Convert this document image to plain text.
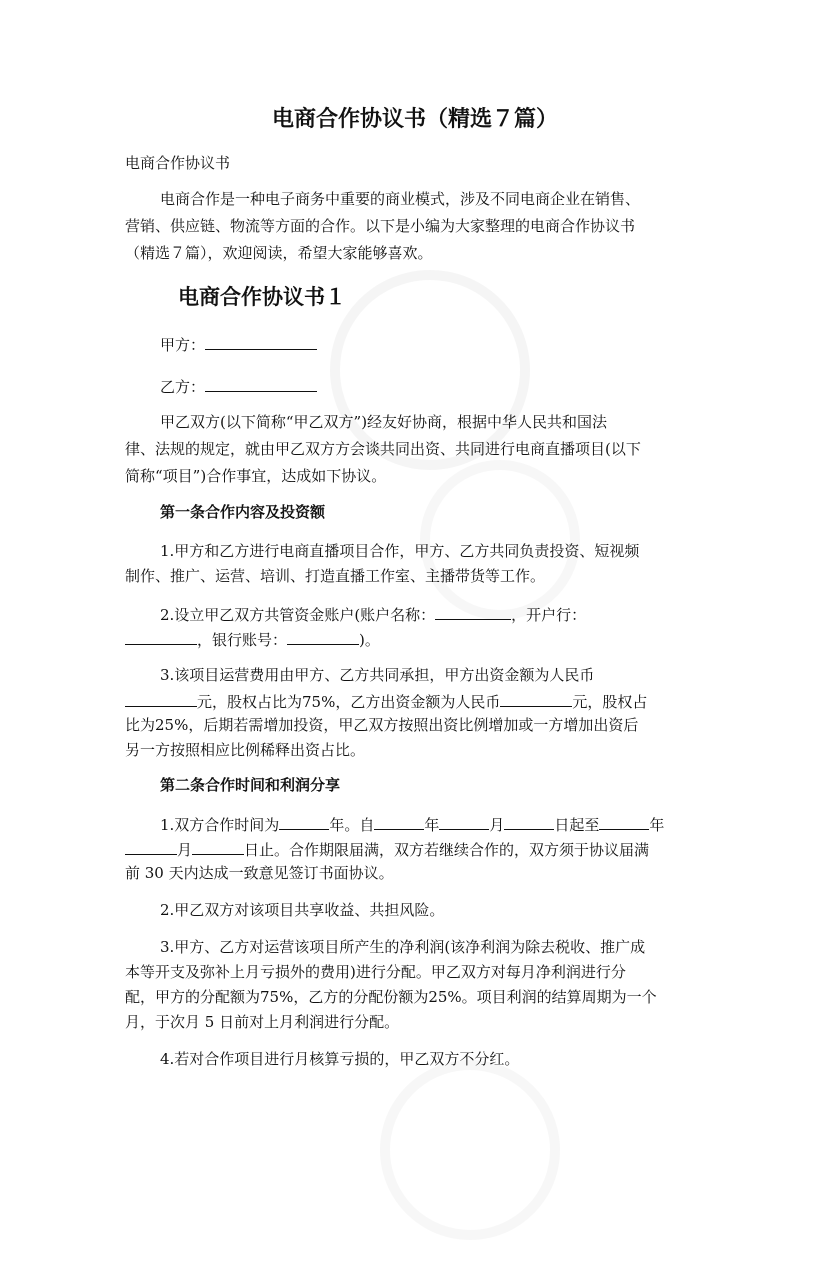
电商合作协议书（精选７篇）
电商合作协议书
电商合作是一种电子商务中重要的商业模式，涉及不同电商企业在销售、
营销、供应链、物流等方面的合作。以下是小编为大家整理的电商合作协议书
（精选７篇），欢迎阅读，希望大家能够喜欢。
电商合作协议书１
甲方：
乙方：
甲乙双方(以下简称“甲乙双方”)经友好协商，根据中华人民共和国法
律、法规的规定，就由甲乙双方方会谈共同出资、共同进行电商直播项目(以下
简称“项目”)合作事宜，达成如下协议。
第一条合作内容及投资额
1.甲方和乙方进行电商直播项目合作，甲方、乙方共同负责投资、短视频
制作、推广、运营、培训、打造直播工作室、主播带货等工作。
2.设立甲乙双方共管资金账户(账户名称：	，开户行：
，银行账号：	)。
3.该项目运营费用由甲方、乙方共同承担，甲方出资金额为人民币
元，股权占比为75%，乙方出资金额为人民币	元，股权占
比为25%，后期若需增加投资，甲乙双方按照出资比例增加或一方增加出资后
另一方按照相应比例稀释出资占比。
第二条合作时间和利润分享
1.双方合作时间为	年。自	年	月	日起至	年
月	日止。合作期限届满，双方若继续合作的，双方须于协议届满
前 30 天内达成一致意见签订书面协议。
2.甲乙双方对该项目共享收益、共担风险。
3.甲方、乙方对运营该项目所产生的净利润(该净利润为除去税收、推广成
本等开支及弥补上月亏损外的费用)进行分配。甲乙双方对每月净利润进行分
配，甲方的分配额为75%，乙方的分配份额为25%。项目利润的结算周期为一个
月，于次月 5 日前对上月利润进行分配。
4.若对合作项目进行月核算亏损的，甲乙双方不分红。
